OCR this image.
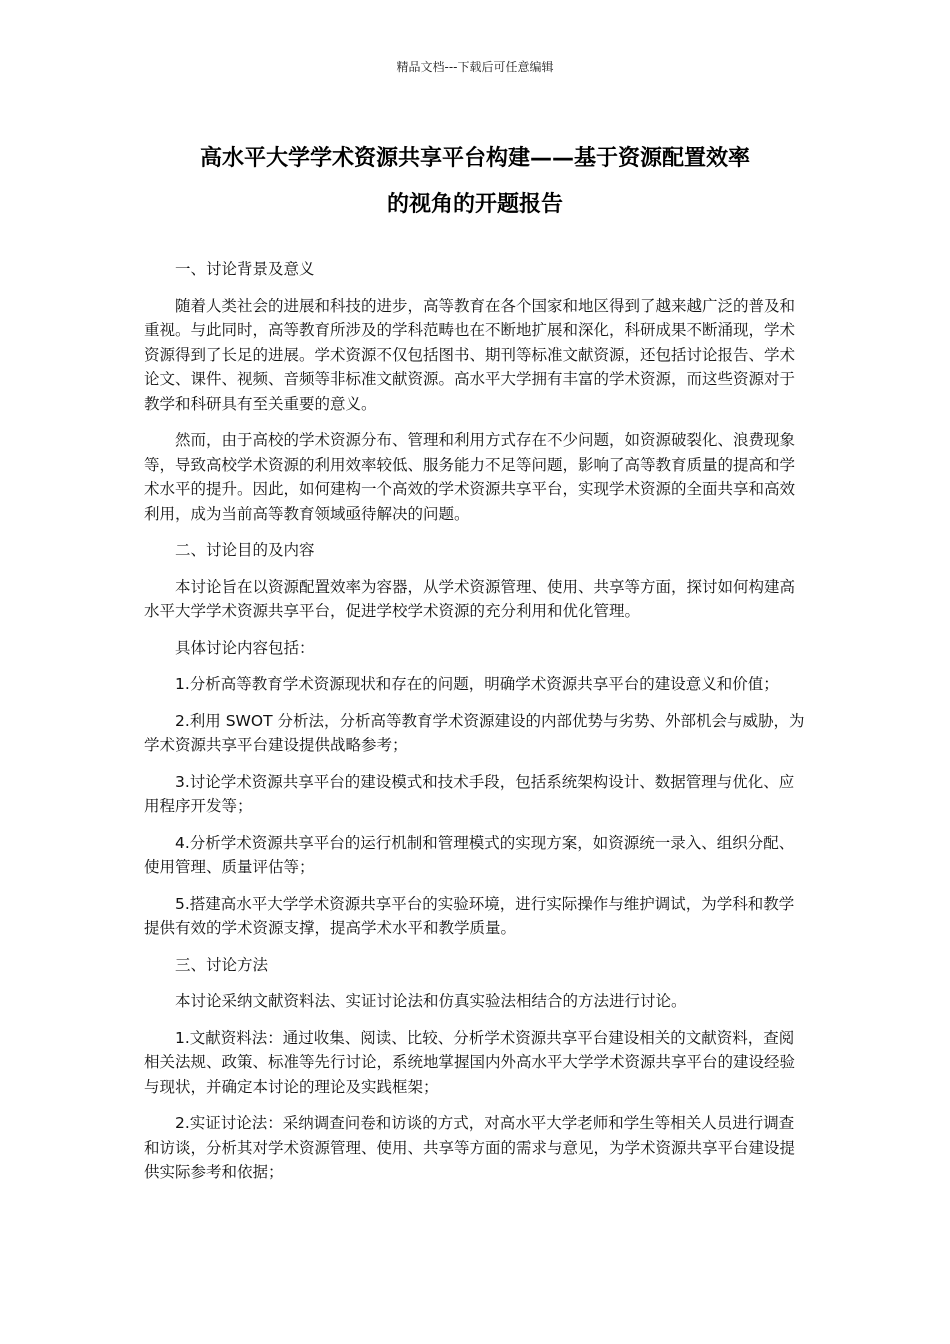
精品文档---下载后可任意编辑
高水平大学学术资源共享平台构建——基于资源配置效率
的视角的开题报告

一、讨论背景及意义

随着人类社会的进展和科技的进步，高等教育在各个国家和地区得到了越来越广泛的普及和重视。与此同时，高等教育所涉及的学科范畴也在不断地扩展和深化，科研成果不断涌现，学术资源得到了长足的进展。学术资源不仅包括图书、期刊等标准文献资源，还包括讨论报告、学术论文、课件、视频、音频等非标准文献资源。高水平大学拥有丰富的学术资源，而这些资源对于教学和科研具有至关重要的意义。

然而，由于高校的学术资源分布、管理和利用方式存在不少问题，如资源破裂化、浪费现象等，导致高校学术资源的利用效率较低、服务能力不足等问题，影响了高等教育质量的提高和学术水平的提升。因此，如何建构一个高效的学术资源共享平台，实现学术资源的全面共享和高效利用，成为当前高等教育领域亟待解决的问题。

二、讨论目的及内容

本讨论旨在以资源配置效率为容器，从学术资源管理、使用、共享等方面，探讨如何构建高水平大学学术资源共享平台，促进学校学术资源的充分利用和优化管理。

具体讨论内容包括：

1.分析高等教育学术资源现状和存在的问题，明确学术资源共享平台的建设意义和价值；

2.利用 SWOT 分析法，分析高等教育学术资源建设的内部优势与劣势、外部机会与威胁，为学术资源共享平台建设提供战略参考；

3.讨论学术资源共享平台的建设模式和技术手段，包括系统架构设计、数据管理与优化、应用程序开发等；

4.分析学术资源共享平台的运行机制和管理模式的实现方案，如资源统一录入、组织分配、使用管理、质量评估等；

5.搭建高水平大学学术资源共享平台的实验环境，进行实际操作与维护调试，为学科和教学提供有效的学术资源支撑，提高学术水平和教学质量。

三、讨论方法

本讨论采纳文献资料法、实证讨论法和仿真实验法相结合的方法进行讨论。

1.文献资料法：通过收集、阅读、比较、分析学术资源共享平台建设相关的文献资料，查阅相关法规、政策、标准等先行讨论，系统地掌握国内外高水平大学学术资源共享平台的建设经验与现状，并确定本讨论的理论及实践框架；

2.实证讨论法：采纳调查问卷和访谈的方式，对高水平大学老师和学生等相关人员进行调查和访谈，分析其对学术资源管理、使用、共享等方面的需求与意见，为学术资源共享平台建设提供实际参考和依据；
